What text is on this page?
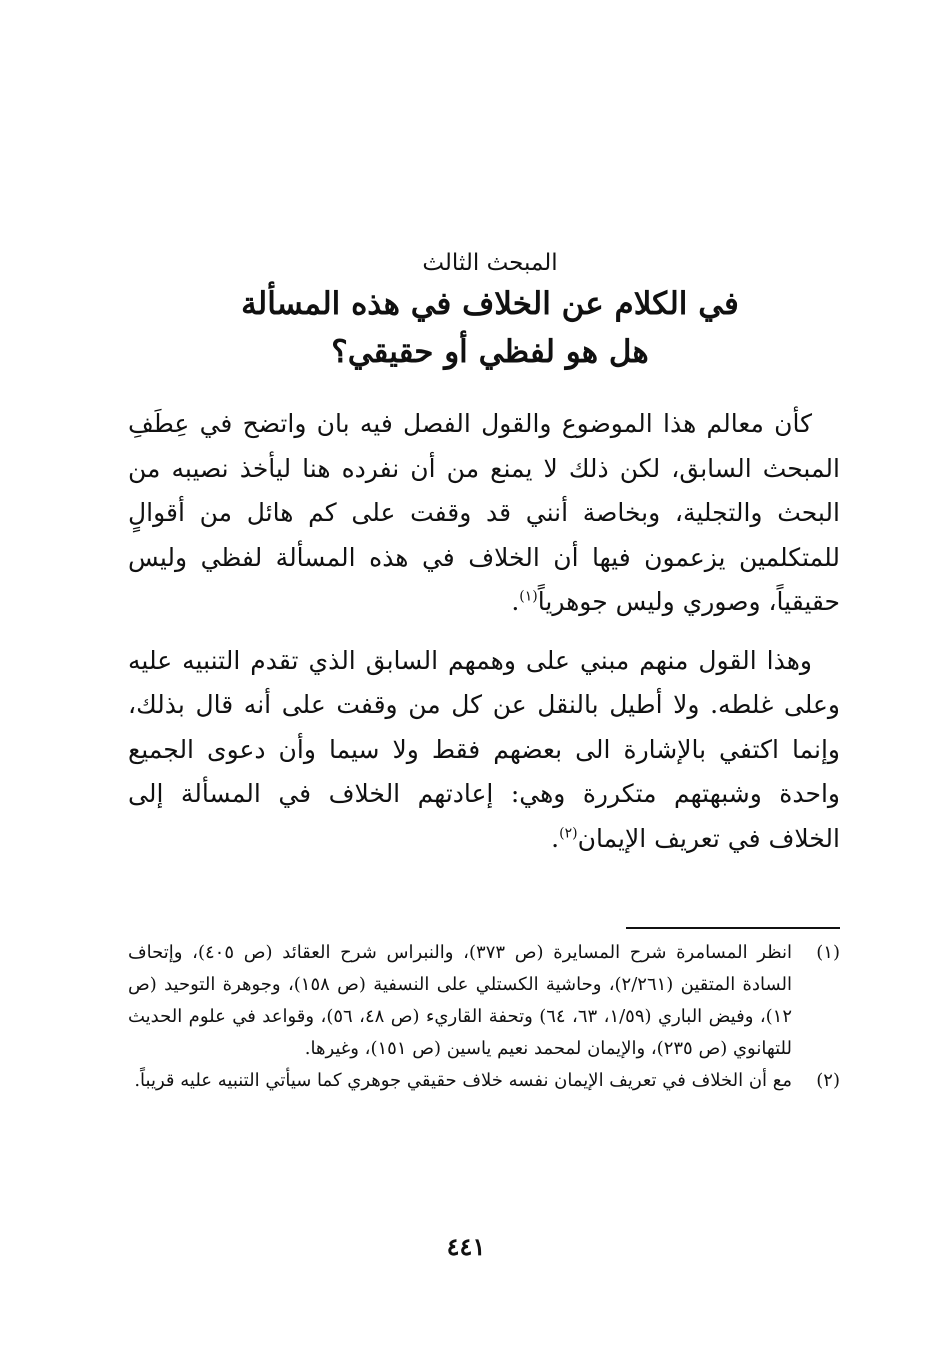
المبحث الثالث

في الكلام عن الخلاف في هذه المسألة

هل هو لفظي أو حقيقي؟

كأن معالم هذا الموضوع والقول الفصل فيه بان واتضح في عِطَفِ المبحث السابق، لكن ذلك لا يمنع من أن نفرده هنا ليأخذ نصيبه من البحث والتجلية، وبخاصة أنني قد وقفت على كم هائل من أقوالٍ للمتكلمين يزعمون فيها أن الخلاف في هذه المسألة لفظي وليس حقيقياً، وصوري وليس جوهرياً$^{(١)}$.

وهذا القول منهم مبني على وهمهم السابق الذي تقدم التنبيه عليه وعلى غلطه. ولا أطيل بالنقل عن كل من وقفت على أنه قال بذلك، وإنما اكتفي بالإشارة الى بعضهم فقط ولا سيما وأن دعوى الجميع واحدة وشبهتهم متكررة وهي: إعادتهم الخلاف في المسألة إلى الخلاف في تعريف الإيمان$^{(٢)}$.

(١)
انظر المسامرة شرح المسايرة (ص ٣٧٣)، والنبراس شرح العقائد (ص ٤٠٥)، وإتحاف السادة المتقين (٢/٢٦١)، وحاشية الكستلي على النسفية (ص ١٥٨)، وجوهرة التوحيد (ص ١٢)، وفيض الباري (١/٥٩، ٦٣، ٦٤) وتحفة القاريء (ص ٤٨، ٥٦)، وقواعد في علوم الحديث للتهانوي (ص ٢٣٥)، والإيمان لمحمد نعيم ياسين (ص ١٥١)، وغيرها.
(٢)
مع أن الخلاف في تعريف الإيمان نفسه خلاف حقيقي جوهري كما سيأتي التنبيه عليه قريباً.
٤٤١
